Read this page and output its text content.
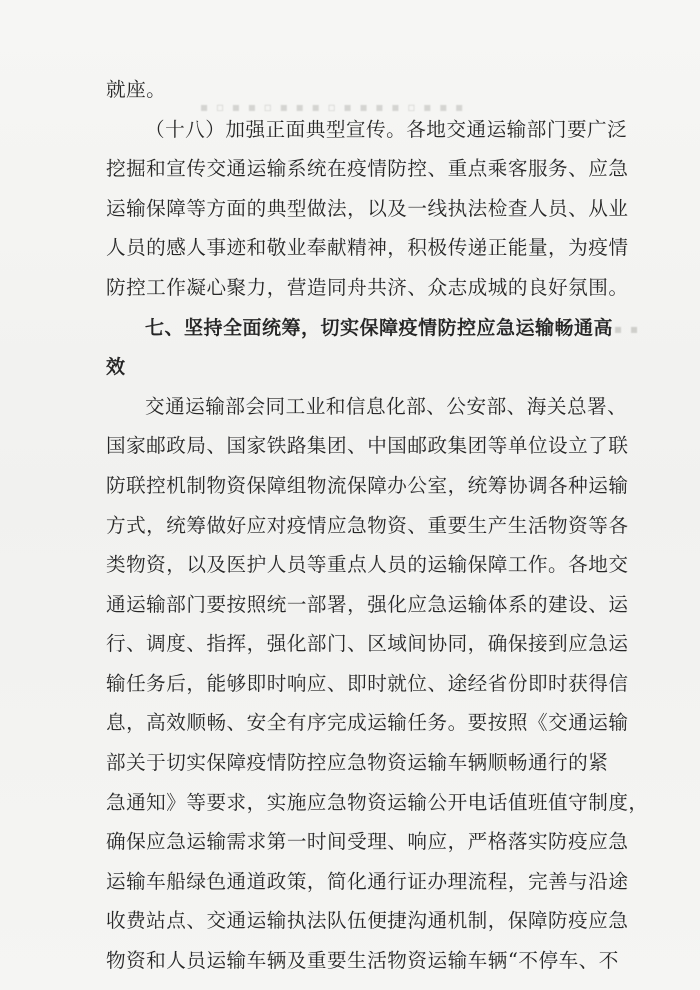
▪ ▫ ▪ ▪ ▫ ▪ ▪ ▪ ▫ ▪ ▪ ▪ ▪ ▫ ▪ ▪ ▪
▪ ▪
就座。
（十八）加强正面典型宣传。各地交通运输部门要广泛
挖掘和宣传交通运输系统在疫情防控、重点乘客服务、应急
运输保障等方面的典型做法，以及一线执法检查人员、从业
人员的感人事迹和敬业奉献精神，积极传递正能量，为疫情
防控工作凝心聚力，营造同舟共济、众志成城的良好氛围。
七、坚持全面统筹，切实保障疫情防控应急运输畅通高
效
交通运输部会同工业和信息化部、公安部、海关总署、
国家邮政局、国家铁路集团、中国邮政集团等单位设立了联
防联控机制物资保障组物流保障办公室，统筹协调各种运输
方式，统筹做好应对疫情应急物资、重要生产生活物资等各
类物资，以及医护人员等重点人员的运输保障工作。各地交
通运输部门要按照统一部署，强化应急运输体系的建设、运
行、调度、指挥，强化部门、区域间协同，确保接到应急运
输任务后，能够即时响应、即时就位、途经省份即时获得信
息，高效顺畅、安全有序完成运输任务。要按照《交通运输
部关于切实保障疫情防控应急物资运输车辆顺畅通行的紧
急通知》等要求，实施应急物资运输公开电话值班值守制度，
确保应急运输需求第一时间受理、响应，严格落实防疫应急
运输车船绿色通道政策，简化通行证办理流程，完善与沿途
收费站点、交通运输执法队伍便捷沟通机制，保障防疫应急
物资和人员运输车辆及重要生活物资运输车辆“不停车、不
